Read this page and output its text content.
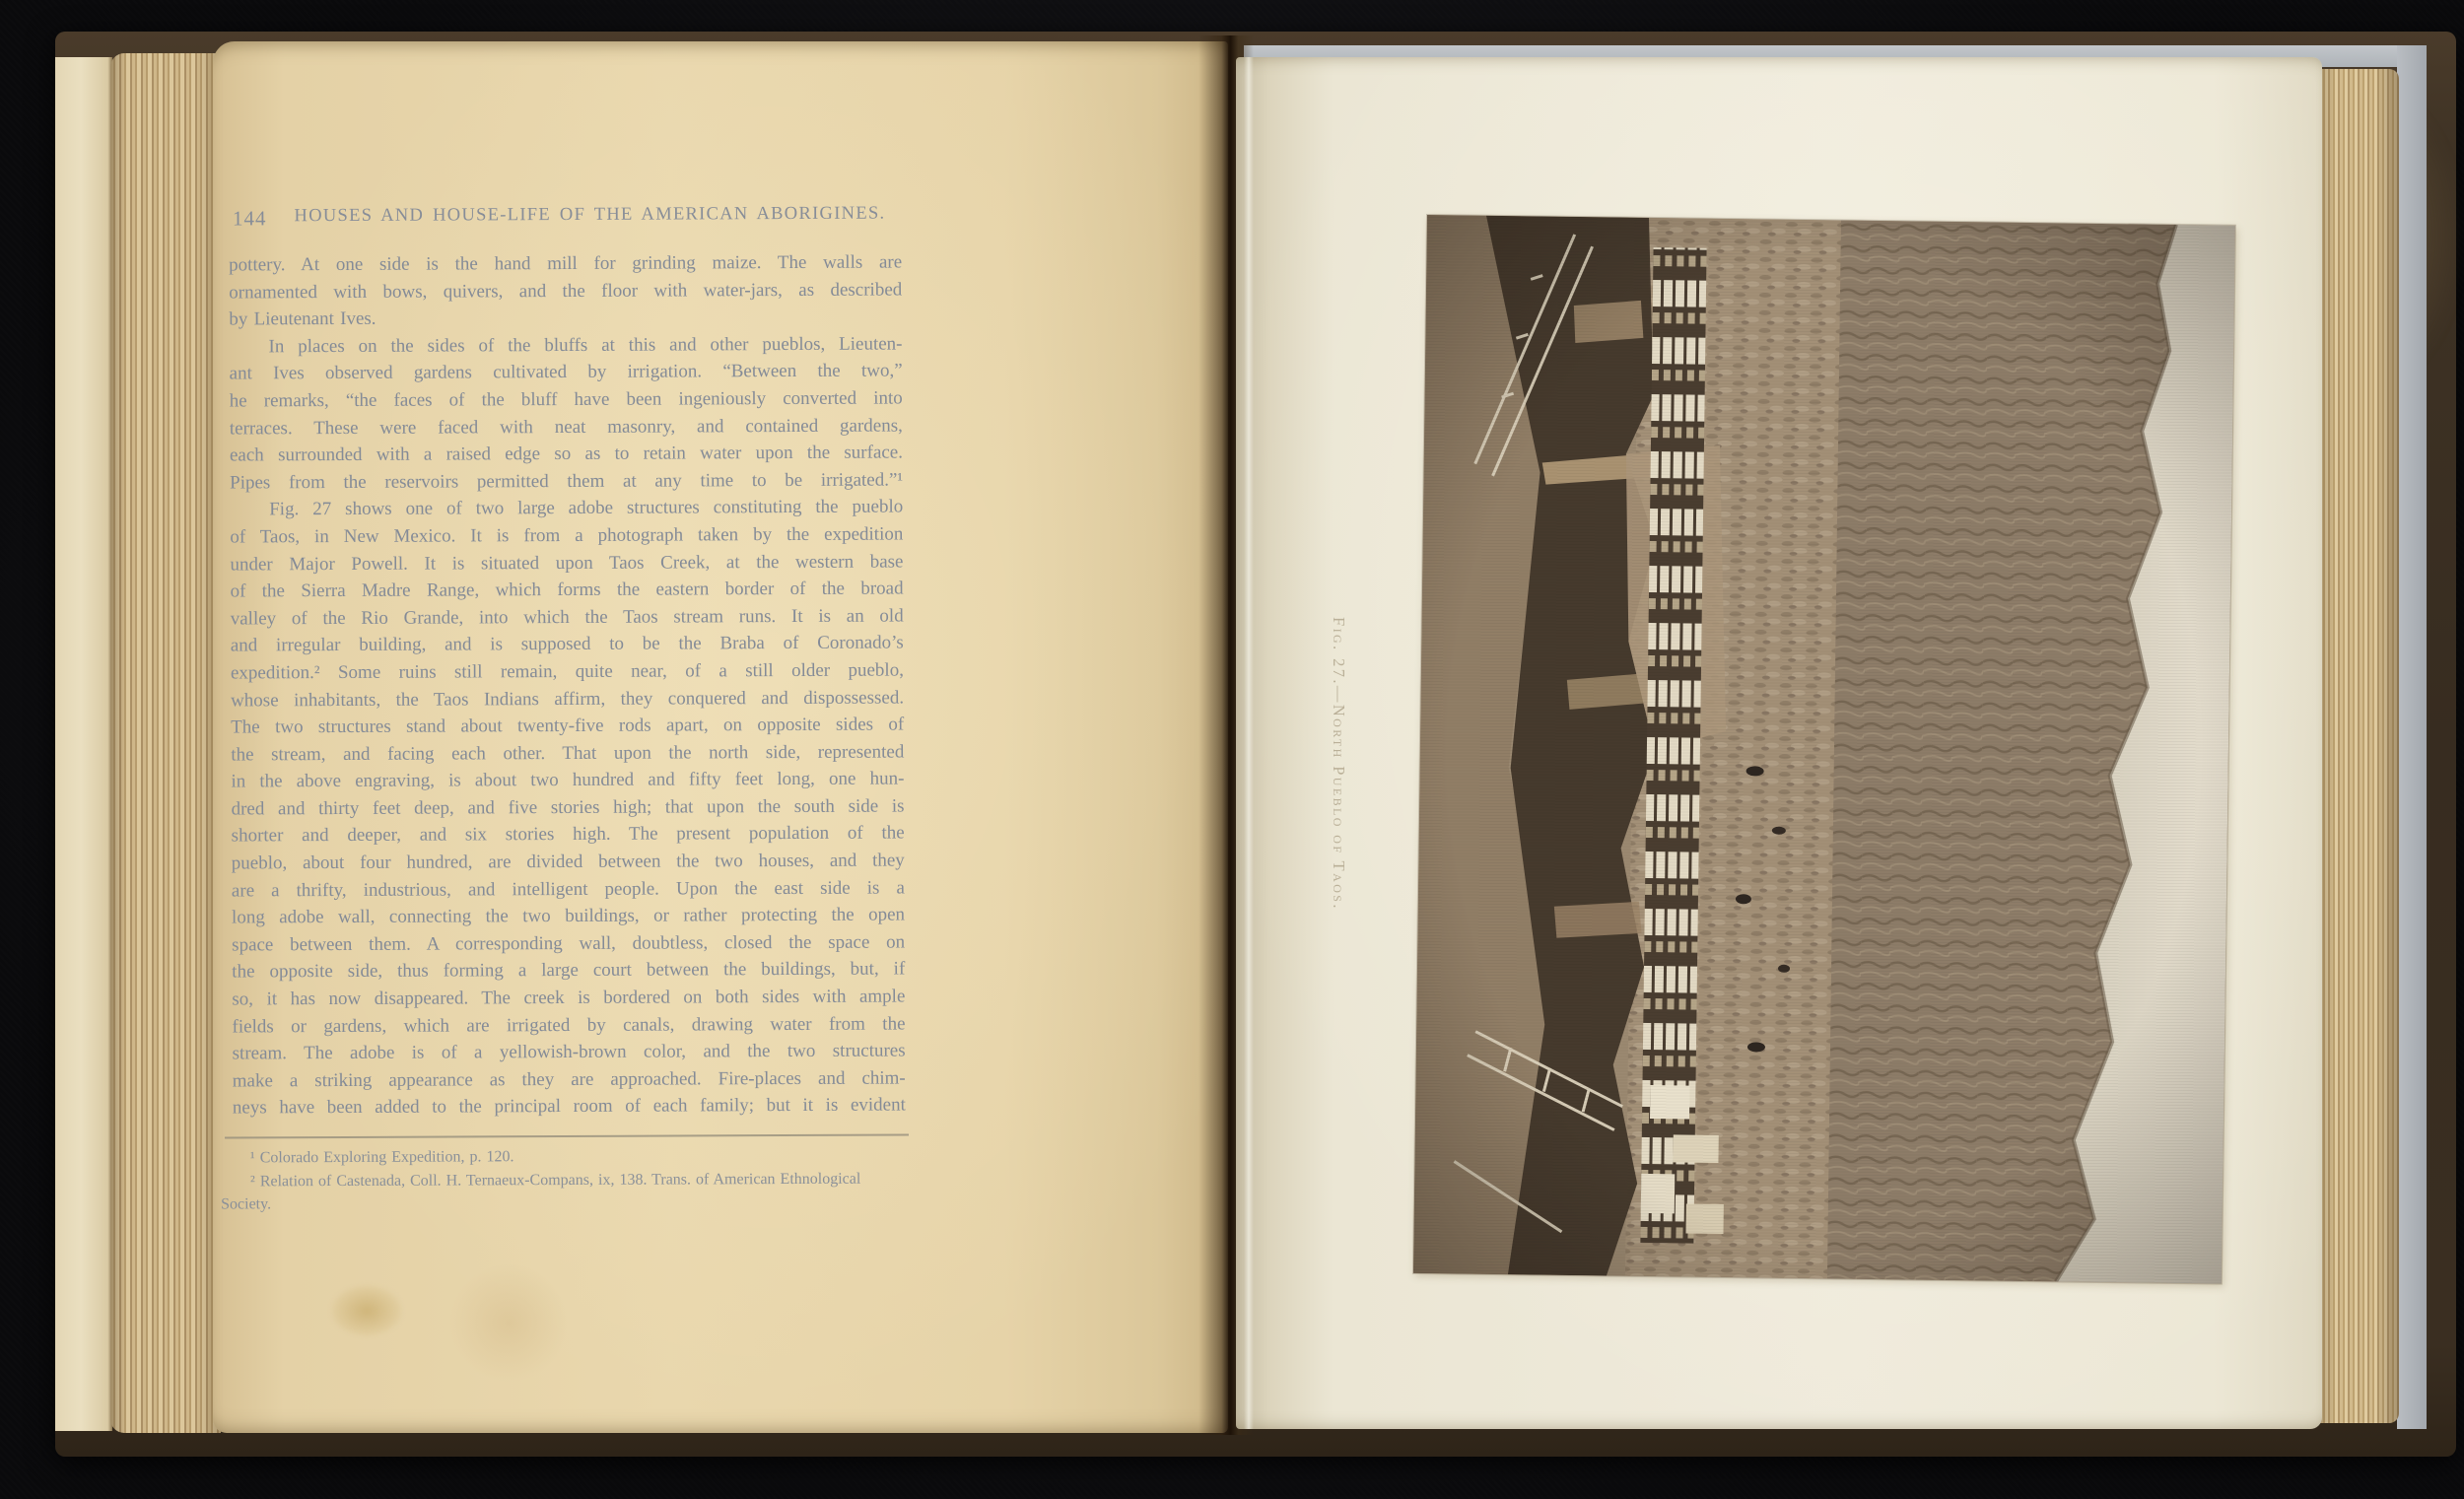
144	HOUSES AND HOUSE-LIFE OF THE AMERICAN ABORIGINES.
pottery. At one side is the hand mill for grinding maize. The walls are
ornamented with bows, quivers, and the floor with water-jars, as described
by Lieutenant Ives.
In places on the sides of the bluffs at this and other pueblos, Lieuten-
ant Ives observed gardens cultivated by irrigation. “Between the two,”
he remarks, “the faces of the bluff have been ingeniously converted into
terraces. These were faced with neat masonry, and contained gardens,
each surrounded with a raised edge so as to retain water upon the surface.
Pipes from the reservoirs permitted them at any time to be irrigated.”¹
Fig. 27 shows one of two large adobe structures constituting the pueblo
of Taos, in New Mexico. It is from a photograph taken by the expedition
under Major Powell. It is situated upon Taos Creek, at the western base
of the Sierra Madre Range, which forms the eastern border of the broad
valley of the Rio Grande, into which the Taos stream runs. It is an old
and irregular building, and is supposed to be the Braba of Coronado’s
expedition.² Some ruins still remain, quite near, of a still older pueblo,
whose inhabitants, the Taos Indians affirm, they conquered and dispossessed.
The two structures stand about twenty-five rods apart, on opposite sides of
the stream, and facing each other. That upon the north side, represented
in the above engraving, is about two hundred and fifty feet long, one hun-
dred and thirty feet deep, and five stories high; that upon the south side is
shorter and deeper, and six stories high. The present population of the
pueblo, about four hundred, are divided between the two houses, and they
are a thrifty, industrious, and intelligent people. Upon the east side is a
long adobe wall, connecting the two buildings, or rather protecting the open
space between them. A corresponding wall, doubtless, closed the space on
the opposite side, thus forming a large court between the buildings, but, if
so, it has now disappeared. The creek is bordered on both sides with ample
fields or gardens, which are irrigated by canals, drawing water from the
stream. The adobe is of a yellowish-brown color, and the two structures
make a striking appearance as they are approached. Fire-places and chim-
neys have been added to the principal room of each family; but it is evident
¹ Colorado Exploring Expedition, p. 120.
² Relation of Castenada, Coll. H. Ternaeux-Compans, ix, 138. Trans. of American Ethnological
Society.
Fig. 27.—North Pueblo of Taos.
